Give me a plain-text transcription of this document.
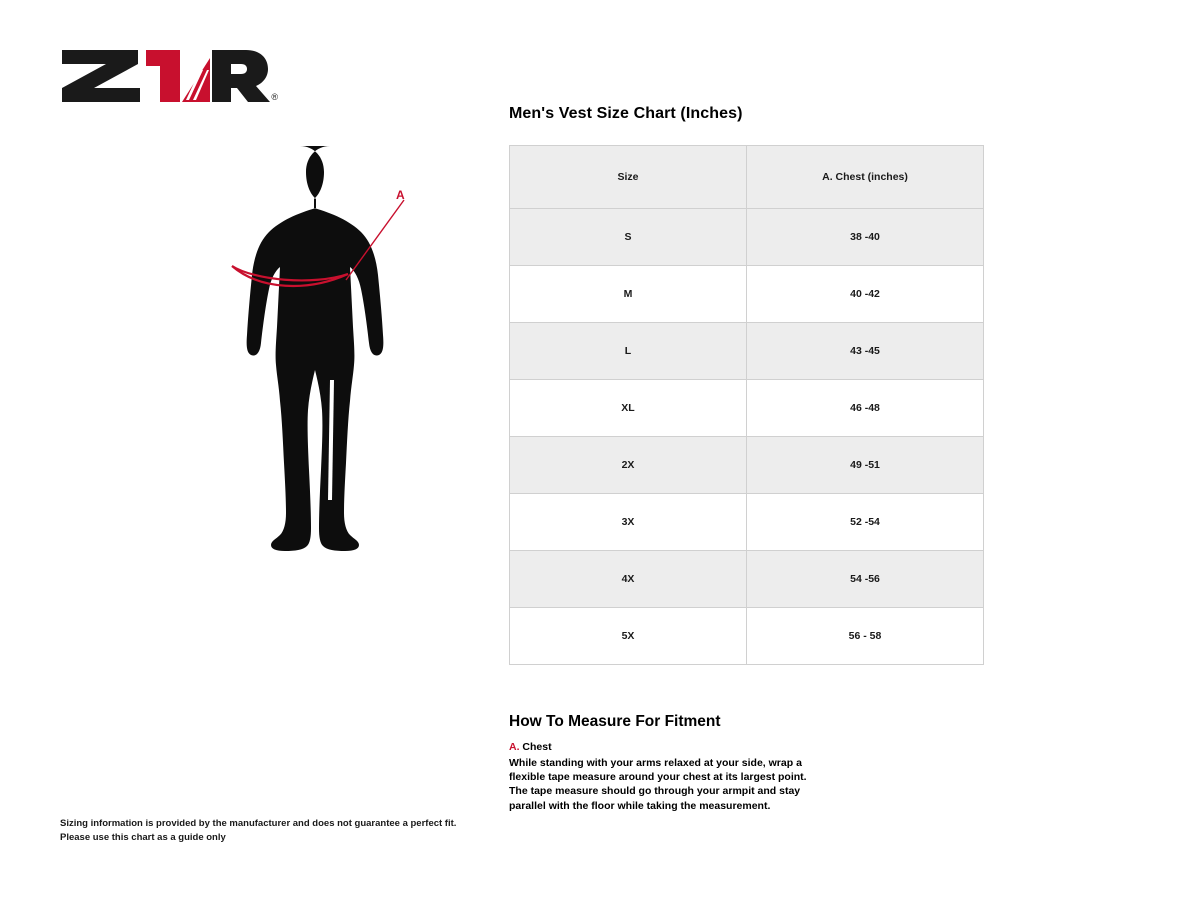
®
A
Men's Vest Size Chart (Inches)
Size	A. Chest (inches)
S	38 -40
M	40 -42
L	43 -45
XL	46 -48
2X	49 -51
3X	52 -54
4X	54 -56
5X	56 - 58
How To Measure For Fitment
A. Chest

While standing with your arms relaxed at your side, wrap a flexible tape measure around your chest at its largest point. The tape measure should go through your armpit and stay parallel with the floor while taking the measurement.

Sizing information is provided by the manufacturer and does not guarantee a perfect fit.
Please use this chart as a guide only
